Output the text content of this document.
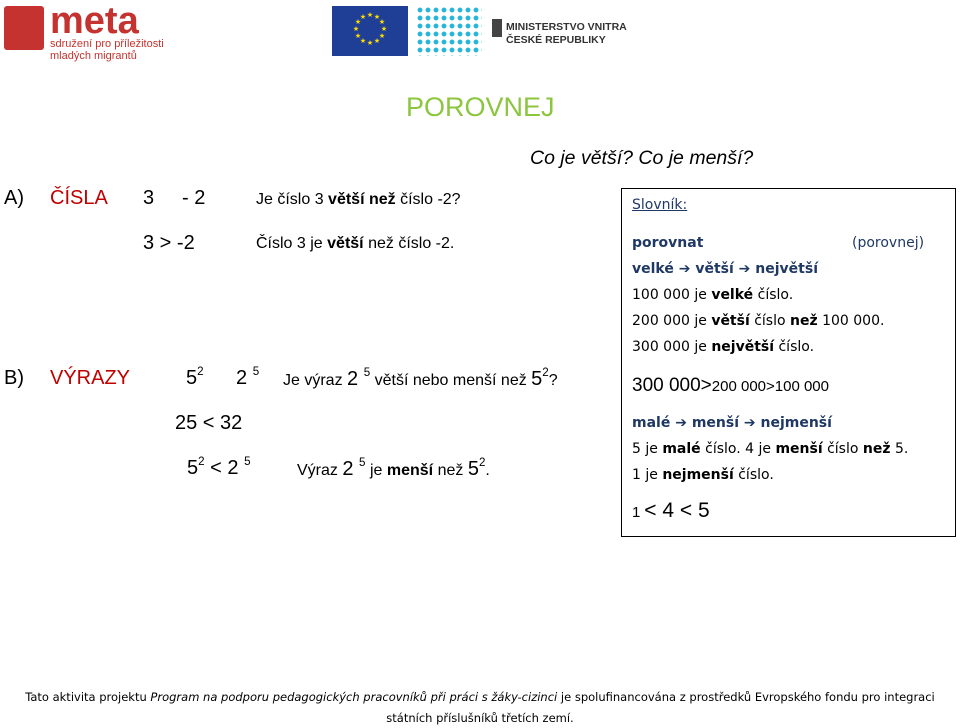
meta
sdružení pro příležitosti
mladých migrantů
★ ★
★
★
★
★
★
★
★
★
★
★
MINISTERSTVO VNITRA
ČESKÉ REPUBLIKY
POROVNEJ
Co je větší? Co je menší?
A) ČÍSLA 3 - 2	Je číslo 3 větší než číslo -2?
3 > -2	Číslo 3 je větší než číslo -2.
B) VÝRAZY	$5^2$ 2 $^5$
Je výraz 2 $^5$ větší nebo menší než $5^2$?
25 < 32
$5^2 < 2$ $^5$
Výraz 2 $^5$ je menší než $5^2$.
Slovník:
porovnat	(porovnej)
velké ➔ větší ➔ největší
100 000 je velké číslo.
200 000 je větší číslo než 100 000.
300 000 je největší číslo.
300 000>200 000>100 000
malé ➔ menší ➔ nejmenší
5 je malé číslo. 4 je menší číslo než 5.
1 je nejmenší číslo.
1 < 4 < 5
Tato aktivita projektu Program na podporu pedagogických pracovníků při práci s žáky-cizinci je spolufinancována z prostředků Evropského fondu pro integraci
státních příslušníků třetích zemí.
